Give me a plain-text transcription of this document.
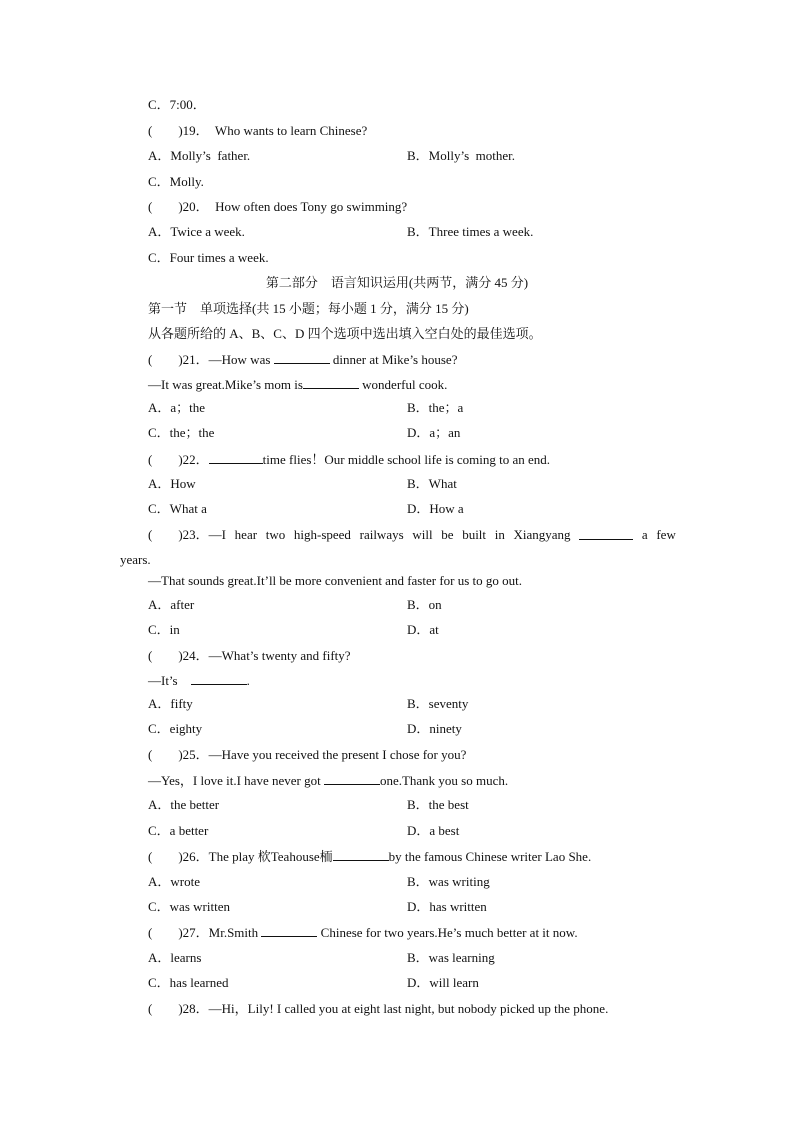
C．7:00．
(　　)19．  Who wants to learn Chinese?
A．Molly’s  father.	B．Molly’s  mother.
C．Molly.
(　　)20．  How often does Tony go swimming?
A．Twice a week.	B．Three times a week.
C．Four times a week.
第二部分　语言知识运用(共两节，满分 45 分)
第一节　单项选择(共 15 小题；每小题 1 分，满分 15 分)
从各题所给的 A、B、C、D 四个选项中选出填入空白处的最佳选项。
(　　)21．—How was	dinner at Mike’s house?
—It was great.Mike’s mom is	wonderful cook.
A．a；the	B．the；a
C．the；the	D．a；an
(　　)22．	time flies！Our middle school life is coming to an end.
A．How	B．What
C．What a	D．How a
(　　)23．—I hear two high-speed railways will be built in Xiangyang	a few
years.
—That sounds great.It’ll be more convenient and faster for us to go out.
A．after	B．on
C．in	D．at
(　　)24．—What’s twenty and fifty?
—It’s　	.
A．fifty	B．seventy
C．eighty	D．ninety
(　　)25．—Have you received the present I chose for you?
—Yes，I love it.I have never got	one.Thank you so much.
A．the better	B．the best
C．a better	D．a best
(　　)26．The play 栨Teahouse栭	by the famous Chinese writer Lao She.
A．wrote	B．was writing
C．was written	D．has written
(　　)27．Mr.Smith	Chinese for two years.He’s much better at it now.
A．learns	B．was learning
C．has learned	D．will learn
(　　)28．—Hi，Lily! I called you at eight last night, but nobody picked up the phone.
